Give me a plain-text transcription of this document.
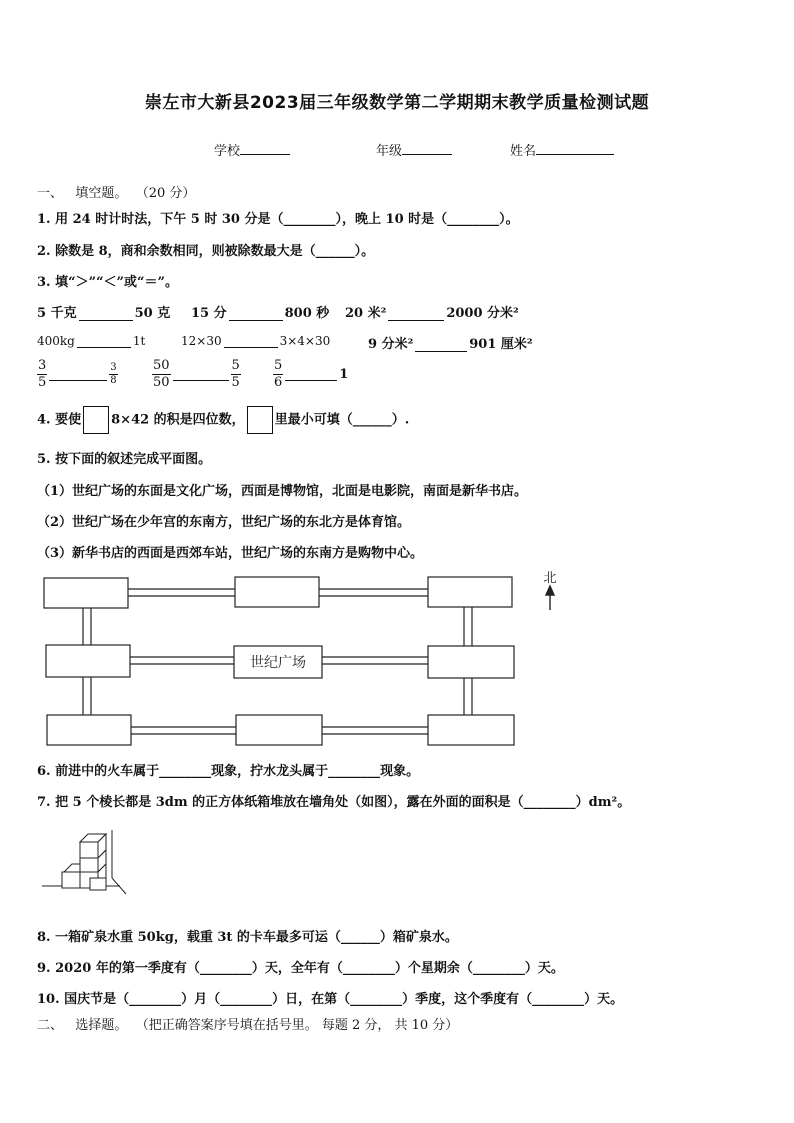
崇左市大新县2023届三年级数学第二学期期末教学质量检测试题
学校	年级	姓名
一、 填空题。 （20 分）
1. 用 24 时计时法，下午 5 时 30 分是（________），晚上 10 时是（________）。
2. 除数是 8，商和余数相同，则被除数最大是（______）。
3. 填“＞”“＜”或“＝”。
5 千克	50 克 15 分	800 秒 20 米²	2000 分米²
400kg	1t	12×30	3×4×30	9 分米²	901 厘米²
$\frac{3}{5}$	$\frac{3}{8}$	$\frac{50}{50}$	$\frac{5}{5} \frac{5}{6}$	1
4. 要使 8×42 的积是四位数， 里最小可填（______）.
5. 按下面的叙述完成平面图。
（1）世纪广场的东面是文化广场，西面是博物馆，北面是电影院，南面是新华书店。
（2）世纪广场在少年宫的东南方，世纪广场的东北方是体育馆。
（3）新华书店的西面是西郊车站，世纪广场的东南方是购物中心。
世纪广场
北
6. 前进中的火车属于________现象，拧水龙头属于________现象。
7. 把 5 个棱长都是 3dm 的正方体纸箱堆放在墙角处（如图），露在外面的面积是（________）dm²。
8. 一箱矿泉水重 50kg，载重 3t 的卡车最多可运（______）箱矿泉水。
9. 2020 年的第一季度有（________）天，全年有（________）个星期余（________）天。
10. 国庆节是（________）月（________）日，在第（________）季度，这个季度有（________）天。
二、 选择题。 （把正确答案序号填在括号里。 每题 2 分， 共 10 分）
